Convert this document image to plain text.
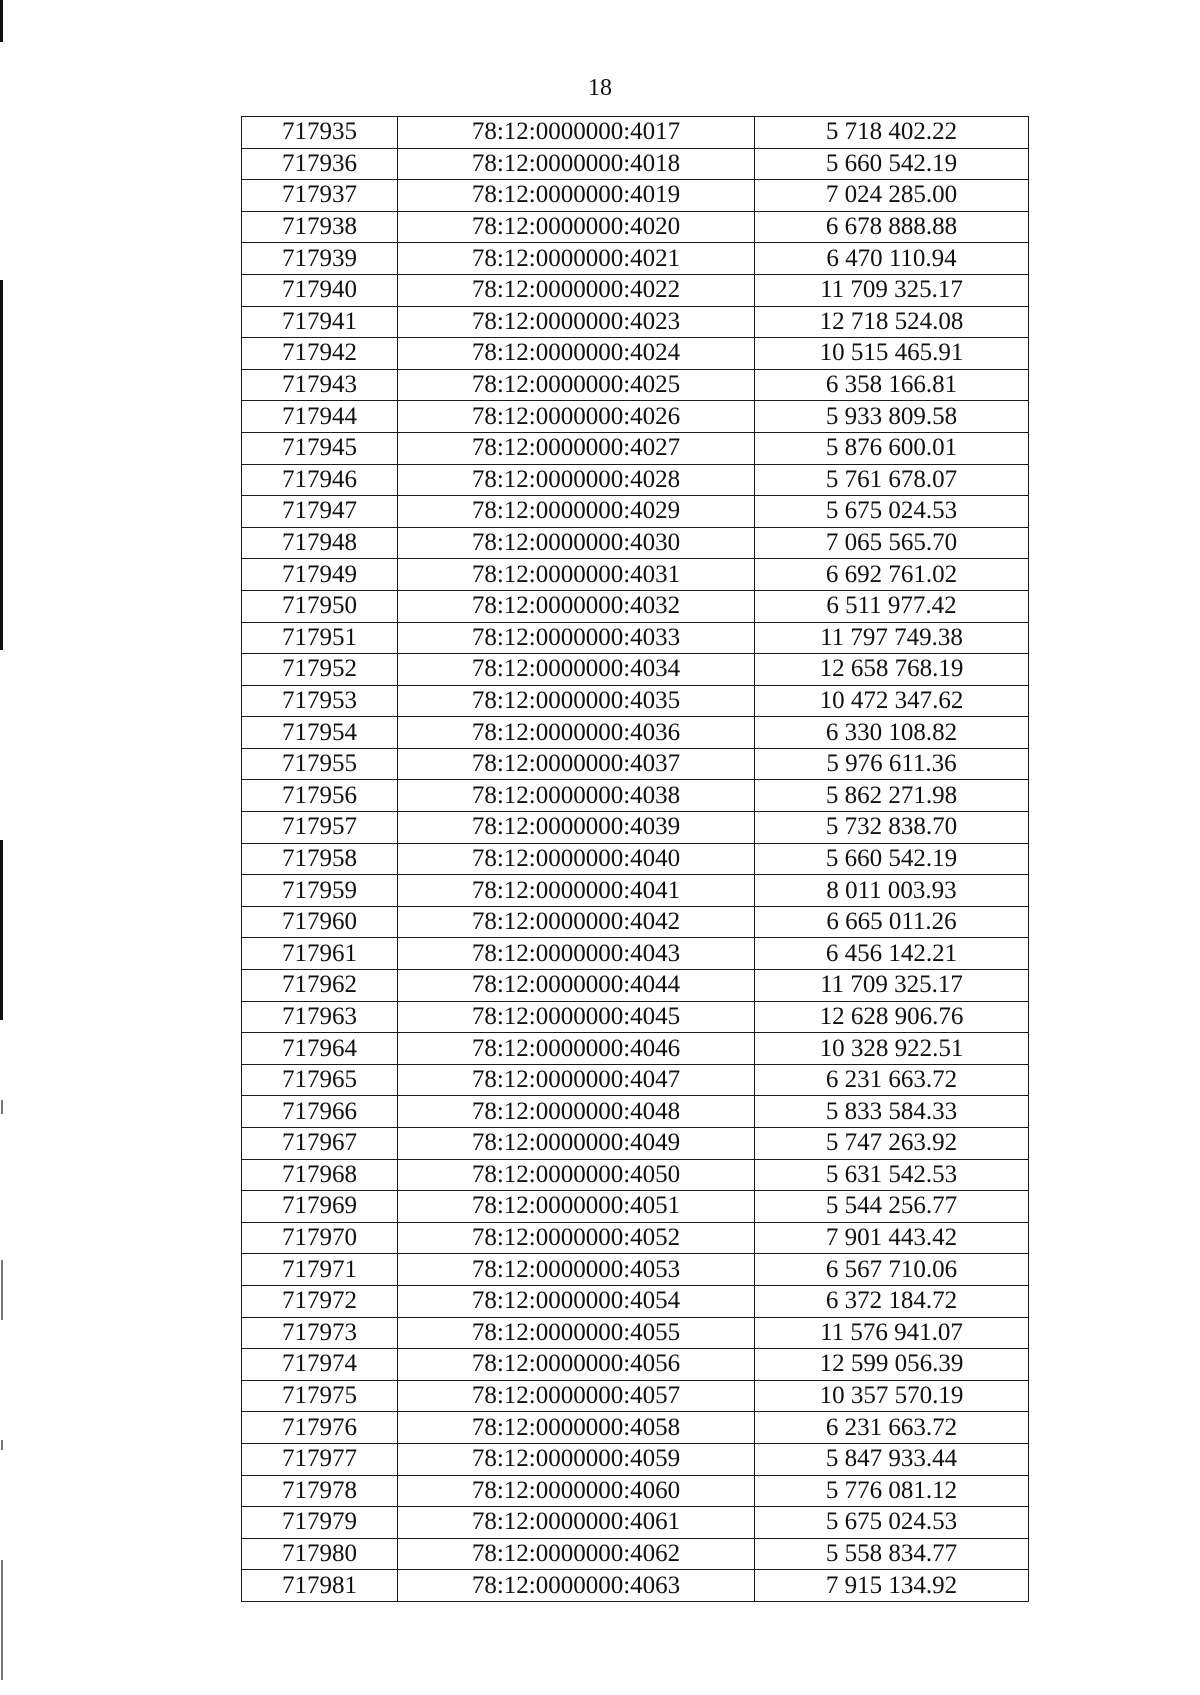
18
717935	78:12:0000000:4017	5 718 402.22
717936	78:12:0000000:4018	5 660 542.19
717937	78:12:0000000:4019	7 024 285.00
717938	78:12:0000000:4020	6 678 888.88
717939	78:12:0000000:4021	6 470 110.94
717940	78:12:0000000:4022	11 709 325.17
717941	78:12:0000000:4023	12 718 524.08
717942	78:12:0000000:4024	10 515 465.91
717943	78:12:0000000:4025	6 358 166.81
717944	78:12:0000000:4026	5 933 809.58
717945	78:12:0000000:4027	5 876 600.01
717946	78:12:0000000:4028	5 761 678.07
717947	78:12:0000000:4029	5 675 024.53
717948	78:12:0000000:4030	7 065 565.70
717949	78:12:0000000:4031	6 692 761.02
717950	78:12:0000000:4032	6 511 977.42
717951	78:12:0000000:4033	11 797 749.38
717952	78:12:0000000:4034	12 658 768.19
717953	78:12:0000000:4035	10 472 347.62
717954	78:12:0000000:4036	6 330 108.82
717955	78:12:0000000:4037	5 976 611.36
717956	78:12:0000000:4038	5 862 271.98
717957	78:12:0000000:4039	5 732 838.70
717958	78:12:0000000:4040	5 660 542.19
717959	78:12:0000000:4041	8 011 003.93
717960	78:12:0000000:4042	6 665 011.26
717961	78:12:0000000:4043	6 456 142.21
717962	78:12:0000000:4044	11 709 325.17
717963	78:12:0000000:4045	12 628 906.76
717964	78:12:0000000:4046	10 328 922.51
717965	78:12:0000000:4047	6 231 663.72
717966	78:12:0000000:4048	5 833 584.33
717967	78:12:0000000:4049	5 747 263.92
717968	78:12:0000000:4050	5 631 542.53
717969	78:12:0000000:4051	5 544 256.77
717970	78:12:0000000:4052	7 901 443.42
717971	78:12:0000000:4053	6 567 710.06
717972	78:12:0000000:4054	6 372 184.72
717973	78:12:0000000:4055	11 576 941.07
717974	78:12:0000000:4056	12 599 056.39
717975	78:12:0000000:4057	10 357 570.19
717976	78:12:0000000:4058	6 231 663.72
717977	78:12:0000000:4059	5 847 933.44
717978	78:12:0000000:4060	5 776 081.12
717979	78:12:0000000:4061	5 675 024.53
717980	78:12:0000000:4062	5 558 834.77
717981	78:12:0000000:4063	7 915 134.92
